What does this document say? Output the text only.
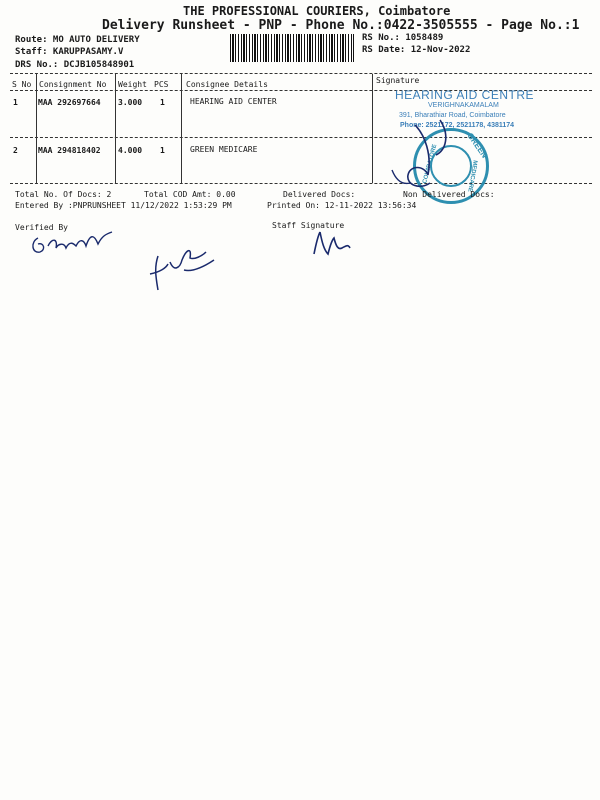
THE PROFESSIONAL COURIERS, Coimbatore
Delivery Runsheet - PNP - Phone No.:0422-3505555 - Page No.:1
Route: MO AUTO DELIVERY
Staff: KARUPPASAMY.V
DRS No.: DCJB105848901
RS No.: 1058489
RS Date: 12-Nov-2022
S No Consignment No Weight PCS Consignee Details	Signature
1	MAA 292697664 3.000 1	HEARING AID CENTER
2	MAA 294818402 4.000 1	GREEN MEDICARE
HEARING AID CENTRE
VERIGHNAKAMALAM
391, Bharathiar Road, Coimbatore
Phone: 2521172, 2521178, 4381174
GREEN
MEDICARE
COIMBATORE
Total No. Of Docs: 2	Total COD Amt: 0.00	Delivered Docs:	Non Delivered Docs:
Entered By :PNPRUNSHEET 11/12/2022 1:53:29 PM	Printed On: 12-11-2022 13:56:34
Verified By	Staff Signature
